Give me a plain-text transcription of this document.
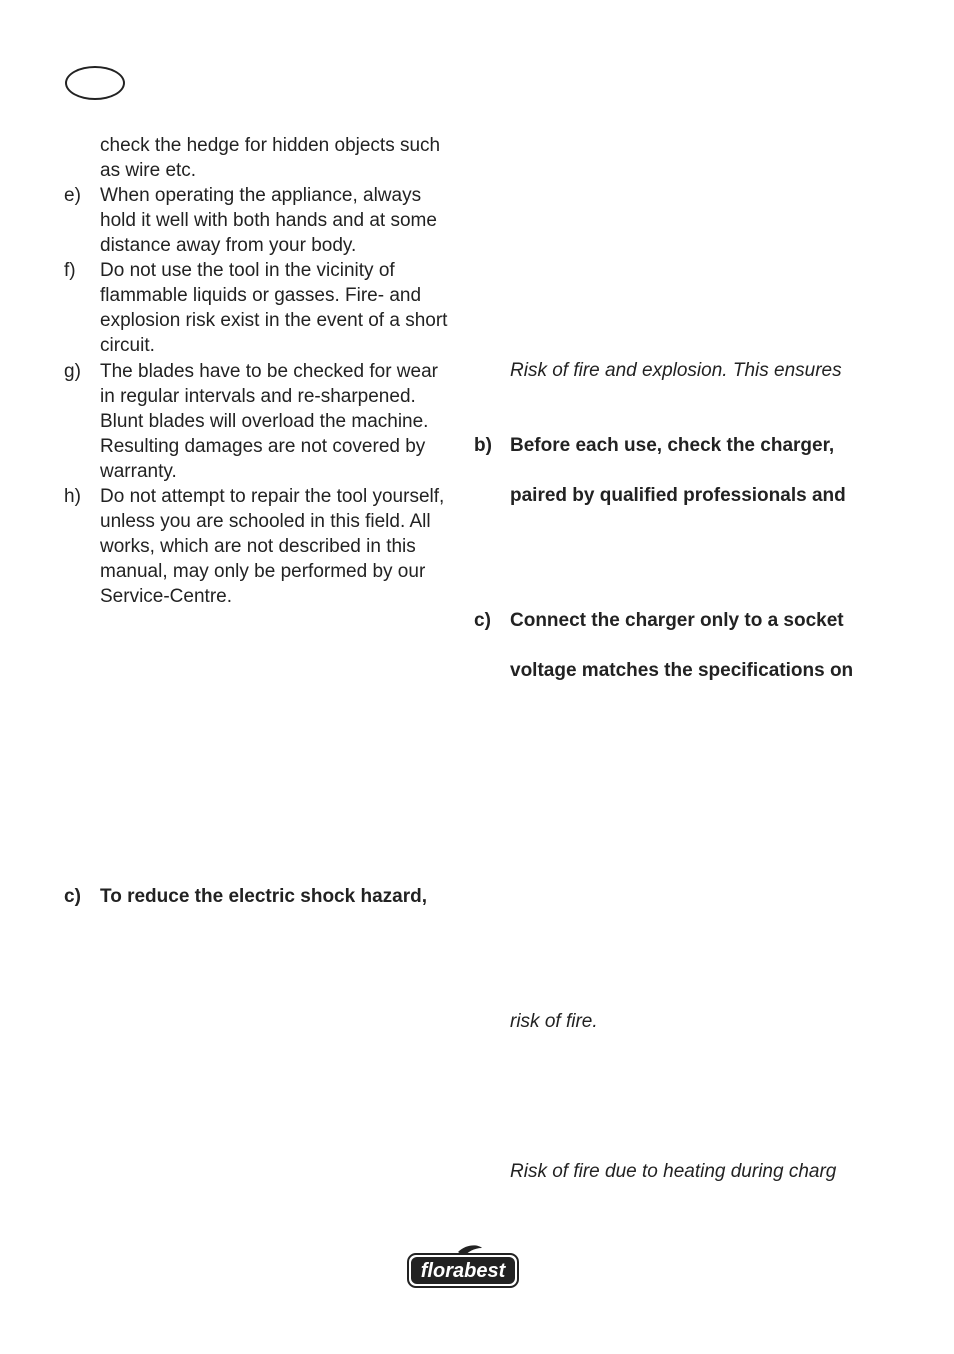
check the hedge for hidden objects such
as wire etc.
e) When operating the appliance, always
hold it well with both hands and at some
distance away from your body.
f) Do not use the tool in the vicinity of
flammable liquids or gasses. Fire- and
explosion risk exist in the event of a short
circuit.
g) The blades have to be checked for wear
in regular intervals and re-sharpened.
Blunt blades will overload the machine.
Resulting damages are not covered by
warranty.
h) Do not attempt to repair the tool yourself,
unless you are schooled in this field. All
works, which are not described in this
manual, may only be performed by our
Service-Centre.
c) To reduce the electric shock hazard,
Risk of fire and explosion. This ensures
b) Before each use, check the charger,
paired by qualified professionals and
c) Connect the charger only to a socket
voltage matches the specifications on
risk of fire.
Risk of fire due to heating during charg
florabest
